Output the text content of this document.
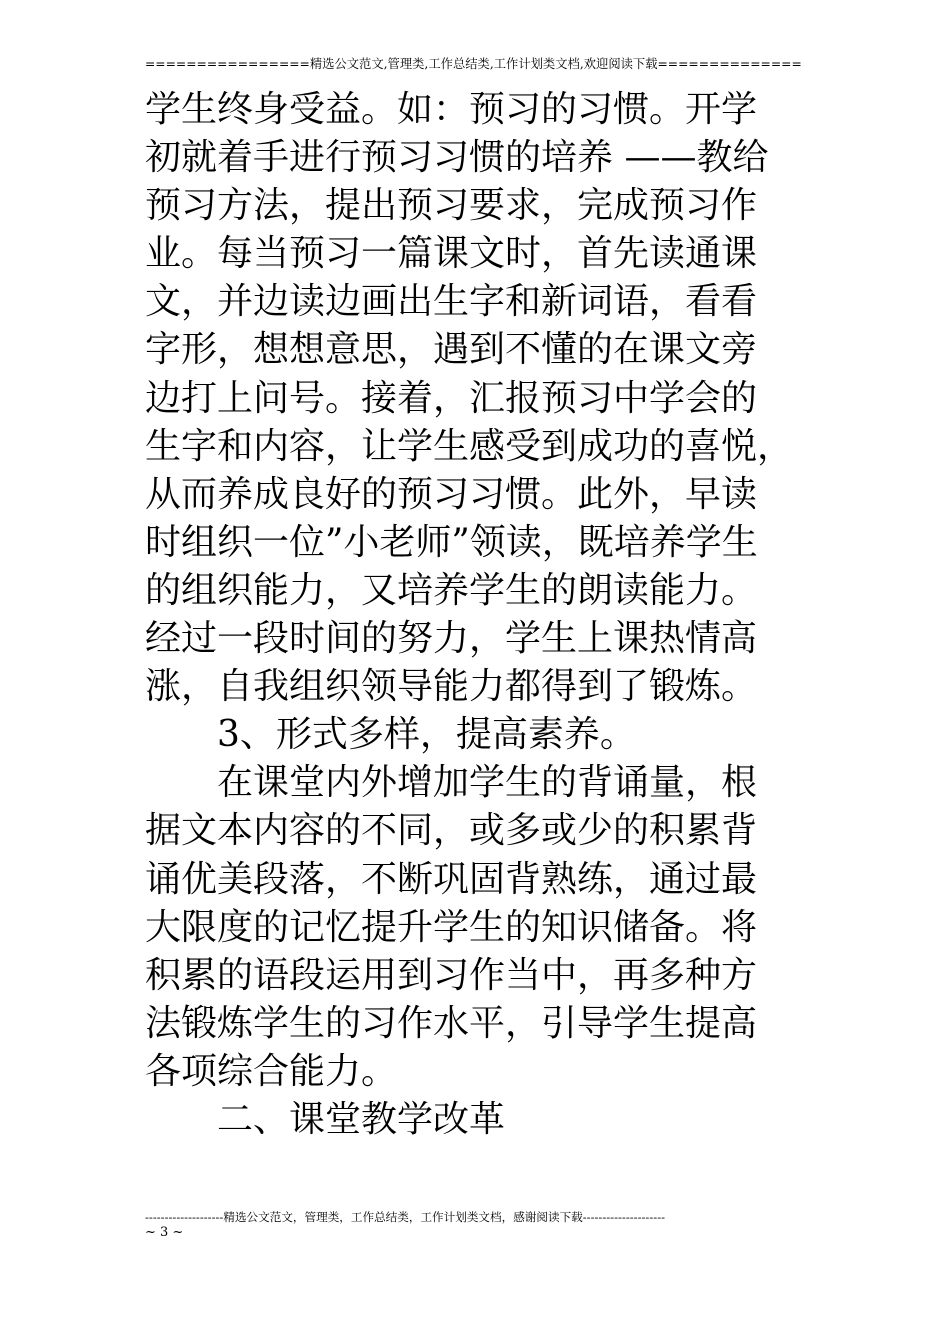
================精选公文范文,管理类,工作总结类,工作计划类文档,欢迎阅读下载==============
学生终身受益。如：预习的习惯。开学
初就着手进行预习习惯的培养 ——教给
预习方法，提出预习要求，完成预习作
业。每当预习一篇课文时，首先读通课
文，并边读边画出生字和新词语，看看
字形，想想意思，遇到不懂的在课文旁
边打上问号。接着，汇报预习中学会的
生字和内容，让学生感受到成功的喜悦，
从而养成良好的预习习惯。此外，早读
时组织一位”小老师”领读，既培养学生
的组织能力，又培养学生的朗读能力。
经过一段时间的努力，学生上课热情高
涨，自我组织领导能力都得到了锻炼。
3、形式多样，提高素养。
在课堂内外增加学生的背诵量，根
据文本内容的不同，或多或少的积累背
诵优美段落，不断巩固背熟练，通过最
大限度的记忆提升学生的知识储备。将
积累的语段运用到习作当中，再多种方
法锻炼学生的习作水平，引导学生提高
各项综合能力。
二、课堂教学改革
--------------------精选公文范文，管理类，工作总结类，工作计划类文档，感谢阅读下载---------------------
~ 3 ~
